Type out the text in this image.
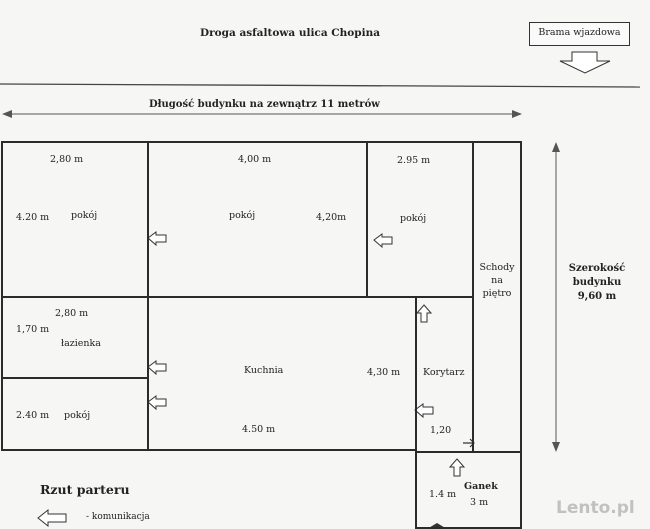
Droga asfaltowa ulica Chopina	Brama wjazdowa
Długość budynku na zewnątrz 11 metrów
2,80 m
4.20 m pokój
4,00 m
pokój	4,20m
2.95 m
pokój
Schody
na
piętro
2,80 m
1,70 m
łazienka
2.40 m pokój
Kuchnia	4,30 m
4.50 m
Korytarz
1,20
Ganek
1.4 m
3 m
Szerokość
budynku
9,60 m
Rzut parteru
- komunikacja	Lento.pl
